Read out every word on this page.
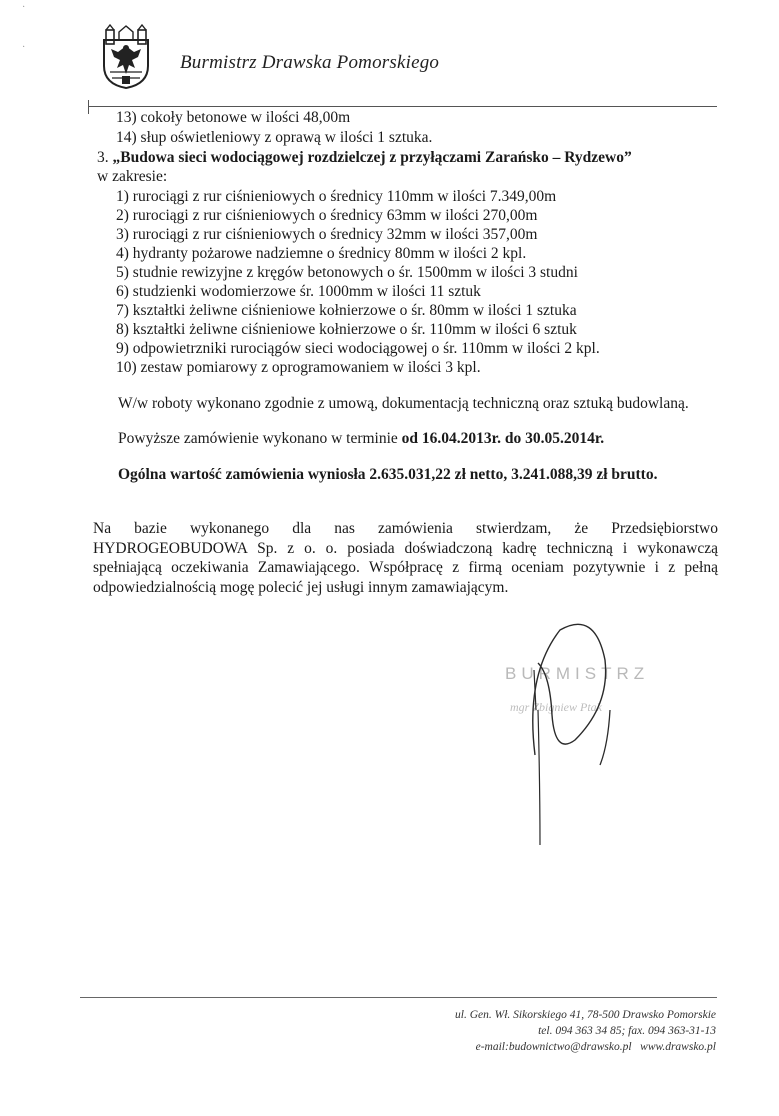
·
·
Burmistrz Drawska Pomorskiego
13) cokoły betonowe w ilości 48,00m
14) słup oświetleniowy z oprawą w ilości 1 sztuka.
3. „Budowa sieci wodociągowej rozdzielczej z przyłączami Zarańsko – Rydzewo”
w zakresie:
1) rurociągi z rur ciśnieniowych o średnicy 110mm w ilości 7.349,00m
2) rurociągi z rur ciśnieniowych o średnicy 63mm w ilości 270,00m
3) rurociągi z rur ciśnieniowych o średnicy 32mm w ilości 357,00m
4) hydranty pożarowe nadziemne o średnicy 80mm w ilości 2 kpl.
5) studnie rewizyjne z kręgów betonowych o śr. 1500mm w ilości 3 studni
6) studzienki wodomierzowe śr. 1000mm w ilości 11 sztuk
7) kształtki żeliwne ciśnieniowe kołnierzowe o śr. 80mm w ilości 1 sztuka
8) kształtki żeliwne ciśnieniowe kołnierzowe o śr. 110mm w ilości 6 sztuk
9) odpowietrzniki rurociągów sieci wodociągowej o śr. 110mm w ilości 2 kpl.
10) zestaw pomiarowy z oprogramowaniem w ilości 3 kpl.
W/w roboty wykonano zgodnie z umową, dokumentacją techniczną oraz sztuką budowlaną.
Powyższe zamówienie wykonano w terminie od 16.04.2013r. do 30.05.2014r.
Ogólna wartość zamówienia wyniosła 2.635.031,22 zł netto, 3.241.088,39 zł brutto.
Na bazie wykonanego dla nas zamówienia stwierdzam, że Przedsiębiorstwo HYDROGEOBUDOWA Sp. z o. o. posiada doświadczoną kadrę techniczną i wykonawczą spełniającą oczekiwania Zamawiającego. Współpracę z firmą oceniam pozytywnie i z pełną odpowiedzialnością mogę polecić jej usługi innym zamawiającym.
BURMISTRZ
mgr Zbigniew Ptak
ul. Gen. Wł. Sikorskiego 41, 78-500 Drawsko Pomorskie
tel. 094 363 34 85; fax. 094 363-31-13
e-mail:budownictwo@drawsko.pl www.drawsko.pl
